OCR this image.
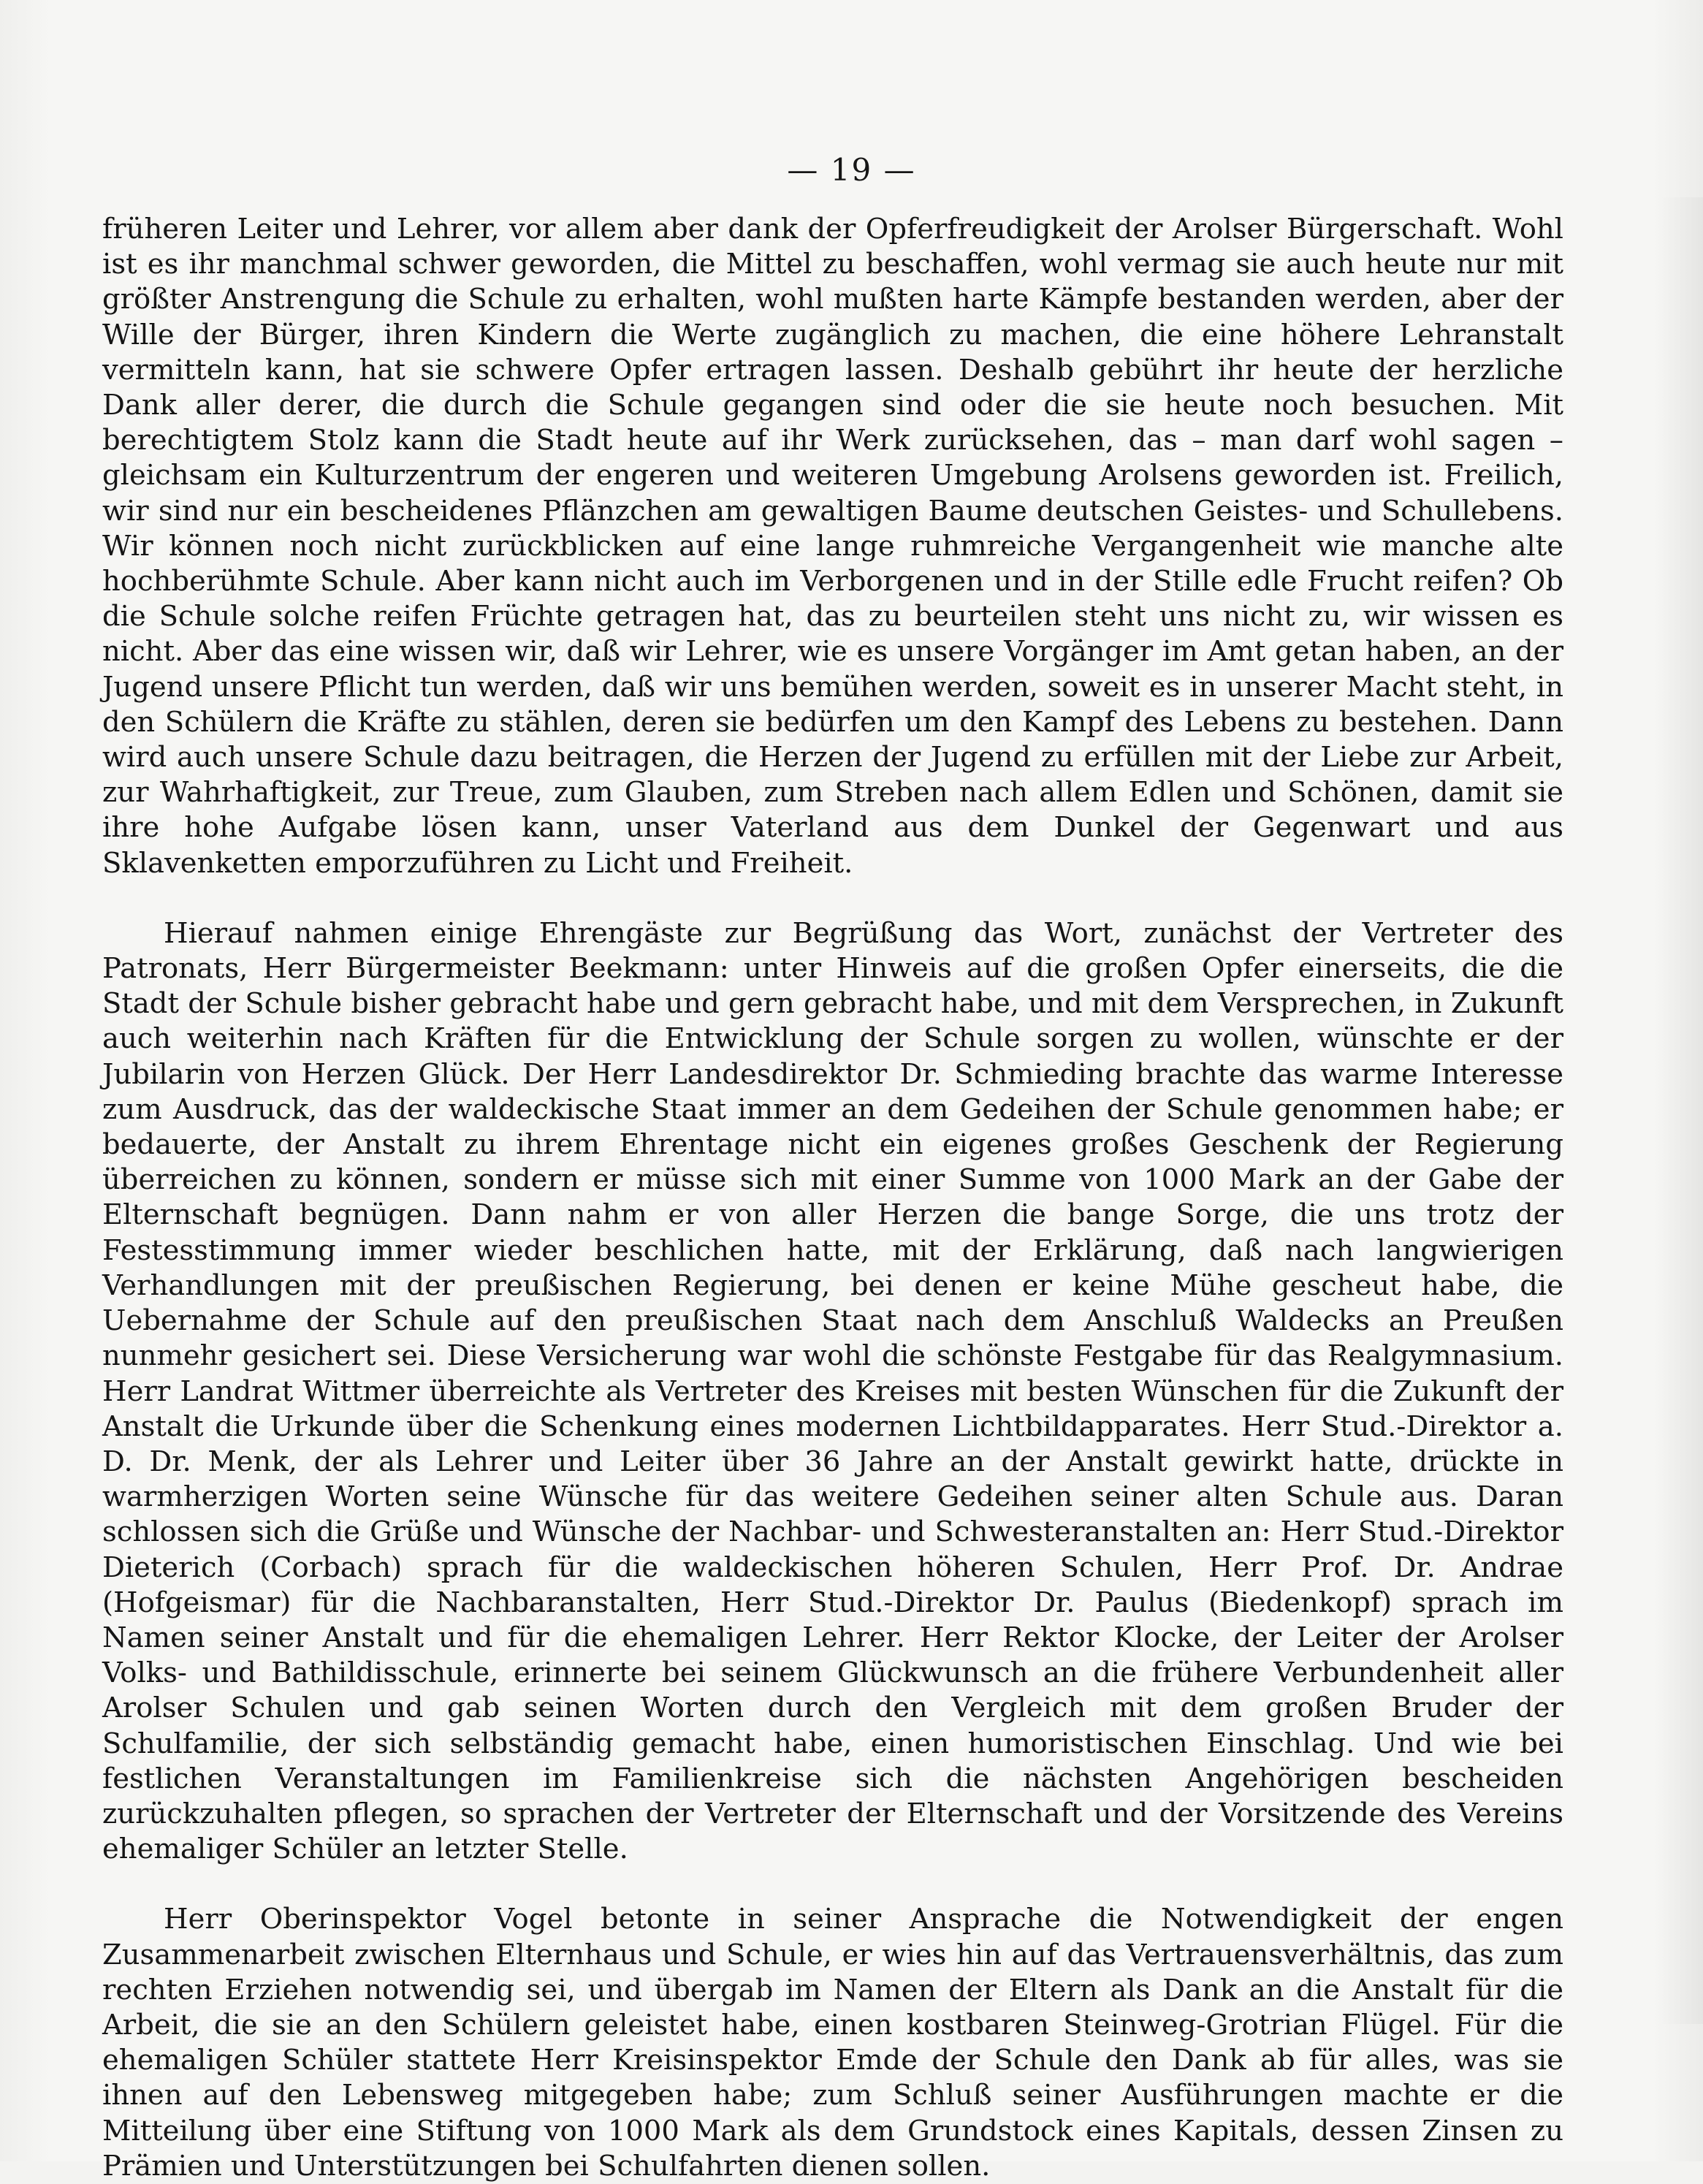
— 19 —

früheren Leiter und Lehrer, vor allem aber dank der Opferfreudigkeit der Arolser Bürgerschaft. Wohl ist es ihr manchmal schwer geworden, die Mittel zu beschaffen, wohl vermag sie auch heute nur mit größter Anstrengung die Schule zu erhalten, wohl mußten harte Kämpfe bestanden werden, aber der Wille der Bürger, ihren Kindern die Werte zugänglich zu machen, die eine höhere Lehranstalt vermitteln kann, hat sie schwere Opfer ertragen lassen. Deshalb gebührt ihr heute der herzliche Dank aller derer, die durch die Schule gegangen sind oder die sie heute noch besuchen. Mit berechtigtem Stolz kann die Stadt heute auf ihr Werk zurücksehen, das – man darf wohl sagen – gleichsam ein Kulturzentrum der engeren und weiteren Umgebung Arolsens geworden ist. Freilich, wir sind nur ein bescheidenes Pflänzchen am gewaltigen Baume deutschen Geistes- und Schullebens. Wir können noch nicht zurückblicken auf eine lange ruhmreiche Vergangenheit wie manche alte hochberühmte Schule. Aber kann nicht auch im Verborgenen und in der Stille edle Frucht reifen? Ob die Schule solche reifen Früchte getragen hat, das zu beurteilen steht uns nicht zu, wir wissen es nicht. Aber das eine wissen wir, daß wir Lehrer, wie es unsere Vorgänger im Amt getan haben, an der Jugend unsere Pflicht tun werden, daß wir uns bemühen werden, soweit es in unserer Macht steht, in den Schülern die Kräfte zu stählen, deren sie bedürfen um den Kampf des Lebens zu bestehen. Dann wird auch unsere Schule dazu beitragen, die Herzen der Jugend zu erfüllen mit der Liebe zur Arbeit, zur Wahrhaftigkeit, zur Treue, zum Glauben, zum Streben nach allem Edlen und Schönen, damit sie ihre hohe Aufgabe lösen kann, unser Vaterland aus dem Dunkel der Gegenwart und aus Sklavenketten emporzuführen zu Licht und Freiheit.

Hierauf nahmen einige Ehrengäste zur Begrüßung das Wort, zunächst der Vertreter des Patronats, Herr Bürgermeister Beekmann: unter Hinweis auf die großen Opfer einerseits, die die Stadt der Schule bisher gebracht habe und gern gebracht habe, und mit dem Versprechen, in Zukunft auch weiterhin nach Kräften für die Entwicklung der Schule sorgen zu wollen, wünschte er der Jubilarin von Herzen Glück. Der Herr Landesdirektor Dr. Schmieding brachte das warme Interesse zum Ausdruck, das der waldeckische Staat immer an dem Gedeihen der Schule genommen habe; er bedauerte, der Anstalt zu ihrem Ehrentage nicht ein eigenes großes Geschenk der Regierung überreichen zu können, sondern er müsse sich mit einer Summe von 1000 Mark an der Gabe der Elternschaft begnügen. Dann nahm er von aller Herzen die bange Sorge, die uns trotz der Festesstimmung immer wieder beschlichen hatte, mit der Erklärung, daß nach langwierigen Verhandlungen mit der preußischen Regierung, bei denen er keine Mühe gescheut habe, die Uebernahme der Schule auf den preußischen Staat nach dem Anschluß Waldecks an Preußen nunmehr gesichert sei. Diese Versicherung war wohl die schönste Festgabe für das Realgymnasium. Herr Landrat Wittmer überreichte als Vertreter des Kreises mit besten Wünschen für die Zukunft der Anstalt die Urkunde über die Schenkung eines modernen Lichtbildapparates. Herr Stud.-Direktor a. D. Dr. Menk, der als Lehrer und Leiter über 36 Jahre an der Anstalt gewirkt hatte, drückte in warmherzigen Worten seine Wünsche für das weitere Gedeihen seiner alten Schule aus. Daran schlossen sich die Grüße und Wünsche der Nachbar- und Schwesteranstalten an: Herr Stud.-Direktor Dieterich (Corbach) sprach für die waldeckischen höheren Schulen, Herr Prof. Dr. Andrae (Hofgeismar) für die Nachbaranstalten, Herr Stud.-Direktor Dr. Paulus (Biedenkopf) sprach im Namen seiner Anstalt und für die ehemaligen Lehrer. Herr Rektor Klocke, der Leiter der Arolser Volks- und Bathildisschule, erinnerte bei seinem Glückwunsch an die frühere Verbundenheit aller Arolser Schulen und gab seinen Worten durch den Vergleich mit dem großen Bruder der Schulfamilie, der sich selbständig gemacht habe, einen humoristischen Einschlag. Und wie bei festlichen Veranstaltungen im Familienkreise sich die nächsten Angehörigen bescheiden zurückzuhalten pflegen, so sprachen der Vertreter der Elternschaft und der Vorsitzende des Vereins ehemaliger Schüler an letzter Stelle.

Herr Oberinspektor Vogel betonte in seiner Ansprache die Notwendigkeit der engen Zusammenarbeit zwischen Elternhaus und Schule, er wies hin auf das Vertrauensverhältnis, das zum rechten Erziehen notwendig sei, und übergab im Namen der Eltern als Dank an die Anstalt für die Arbeit, die sie an den Schülern geleistet habe, einen kostbaren Steinweg-Grotrian Flügel. Für die ehemaligen Schüler stattete Herr Kreisinspektor Emde der Schule den Dank ab für alles, was sie ihnen auf den Lebensweg mitgegeben habe; zum Schluß seiner Ausführungen machte er die Mitteilung über eine Stiftung von 1000 Mark als dem Grundstock eines Kapitals, dessen Zinsen zu Prämien und Unterstützungen bei Schulfahrten dienen sollen.
